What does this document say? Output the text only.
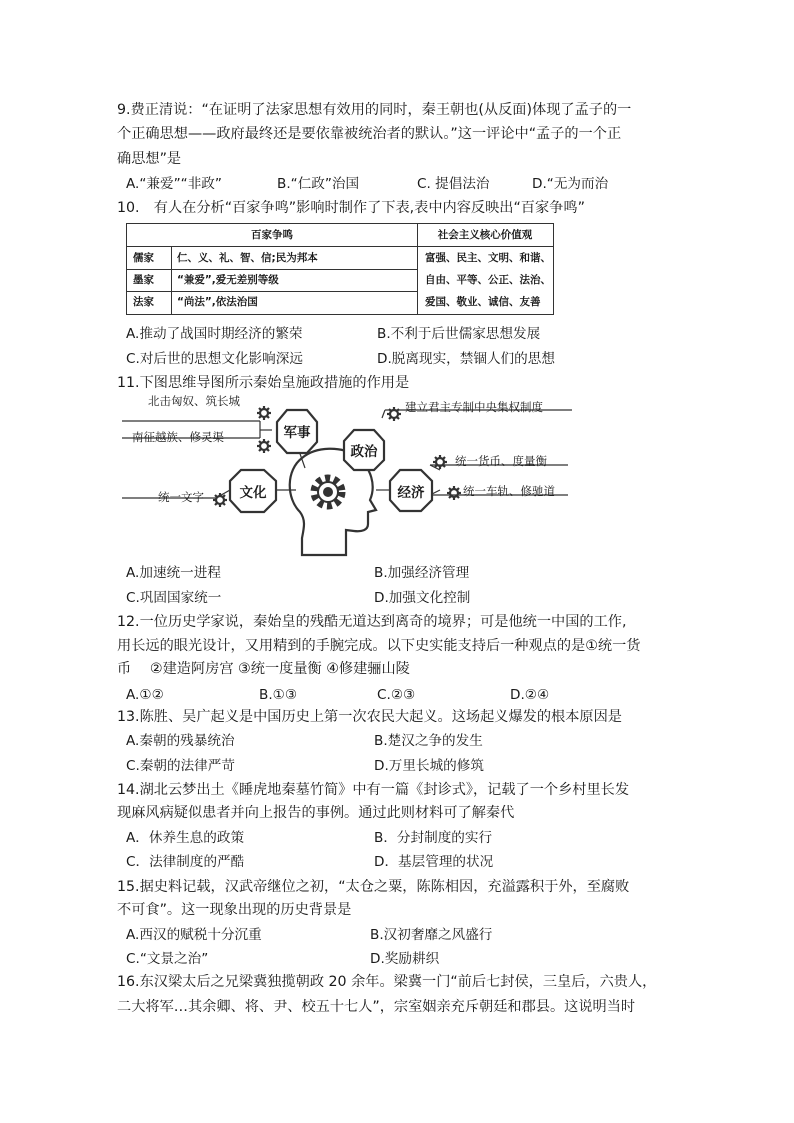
9.费正清说：“在证明了法家思想有效用的同时，秦王朝也(从反面)体现了孟子的一
个正确思想——政府最终还是要依靠被统治者的默认。”这一评论中“孟子的一个正
确思想”是
A.“兼爱”“非政”	B.“仁政”治国	C. 提倡法治	D.“无为而治
10.　有人在分析“百家争鸣”影响时制作了下表,表中内容反映出“百家争鸣”
百家争鸣	社会主义核心价值观
儒家 仁、义、礼、智、信;民为邦本
墨家 “兼爱”,爱无差别等级
法家 “尚法”,依法治国
富强、民主、文明、和谐、
自由、平等、公正、法治、
爱国、敬业、诚信、友善
A.推动了战国时期经济的繁荣	B.不利于后世儒家思想发展
C.对后世的思想文化影响深远	D.脱离现实，禁锢人们的思想
11.下图思维导图所示秦始皇施政措施的作用是
军事
政治
文化	经济
北击匈奴、筑长城
南征越族、修灵渠
建立君主专制中央集权制度
统一货币、度量衡
统一车轨、修驰道
统一文字
A.加速统一进程	B.加强经济管理
C.巩固国家统一	D.加强文化控制
12.一位历史学家说，秦始皇的残酷无道达到离奇的境界；可是他统一中国的工作,
用长远的眼光设计，又用精到的手腕完成。以下史实能支持后一种观点的是①统一货
币　 ②建造阿房宫 ③统一度量衡 ④修建骊山陵
A.①②	B.①③	C.②③	D.②④
13.陈胜、吴广起义是中国历史上第一次农民大起义。这场起义爆发的根本原因是
A.秦朝的残暴统治	B.楚汉之争的发生
C.秦朝的法律严苛	D.万里长城的修筑
14.湖北云梦出土《睡虎地秦墓竹简》中有一篇《封诊式》，记载了一个乡村里长发
现麻风病疑似患者并向上报告的事例。通过此则材料可了解秦代
A．休养生息的政策	B．分封制度的实行
C．法律制度的严酷	D．基层管理的状况
15.据史料记载，汉武帝继位之初，“太仓之粟，陈陈相因，充溢露积于外，至腐败
不可食”。这一现象出现的历史背景是
A.西汉的赋税十分沉重	B.汉初奢靡之风盛行
C.“文景之治”	D.奖励耕织
16.东汉梁太后之兄梁冀独揽朝政 20 余年。梁冀一门“前后七封侯，三皇后，六贵人，
二大将军…其余卿、将、尹、校五十七人”，宗室姻亲充斥朝廷和郡县。这说明当时
